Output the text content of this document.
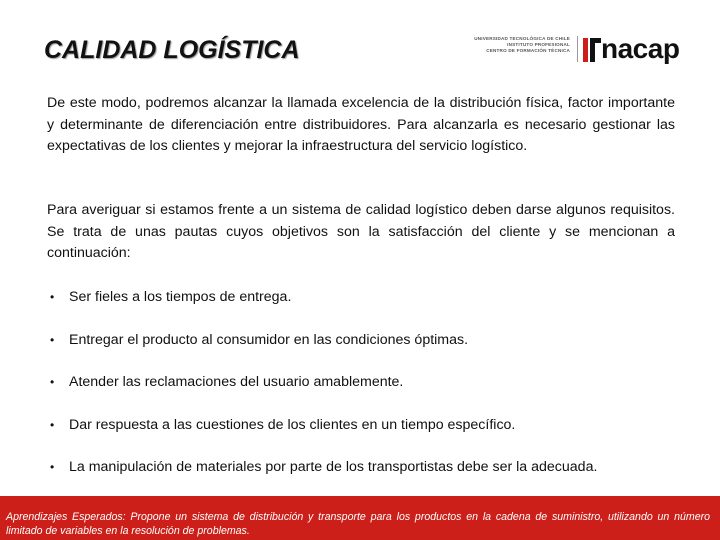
CALIDAD LOGÍSTICA	UNIVERSIDAD TECNOLÓGICA DE CHILE
INSTITUTO PROFESIONAL
CENTRO DE FORMACIÓN TÉCNICA nacap

De este modo, podremos alcanzar la llamada excelencia de la distribución física, factor importante y determinante de diferenciación entre distribuidores. Para alcanzarla es necesario gestionar las expectativas de los clientes y mejorar la infraestructura del servicio logístico.

Para averiguar si estamos frente a un sistema de calidad logístico deben darse algunos requisitos. Se trata de unas pautas cuyos objetivos son la satisfacción del cliente y se mencionan a continuación:

• Ser fieles a los tiempos de entrega.
• Entregar el producto al consumidor en las condiciones óptimas.
• Atender las reclamaciones del usuario amablemente.
• Dar respuesta a las cuestiones de los clientes en un tiempo específico.
• La manipulación de materiales por parte de los transportistas debe ser la adecuada.

Aprendizajes Esperados: Propone un sistema de distribución y transporte para los productos en la cadena de suministro, utilizando un número limitado de variables en la resolución de problemas.
